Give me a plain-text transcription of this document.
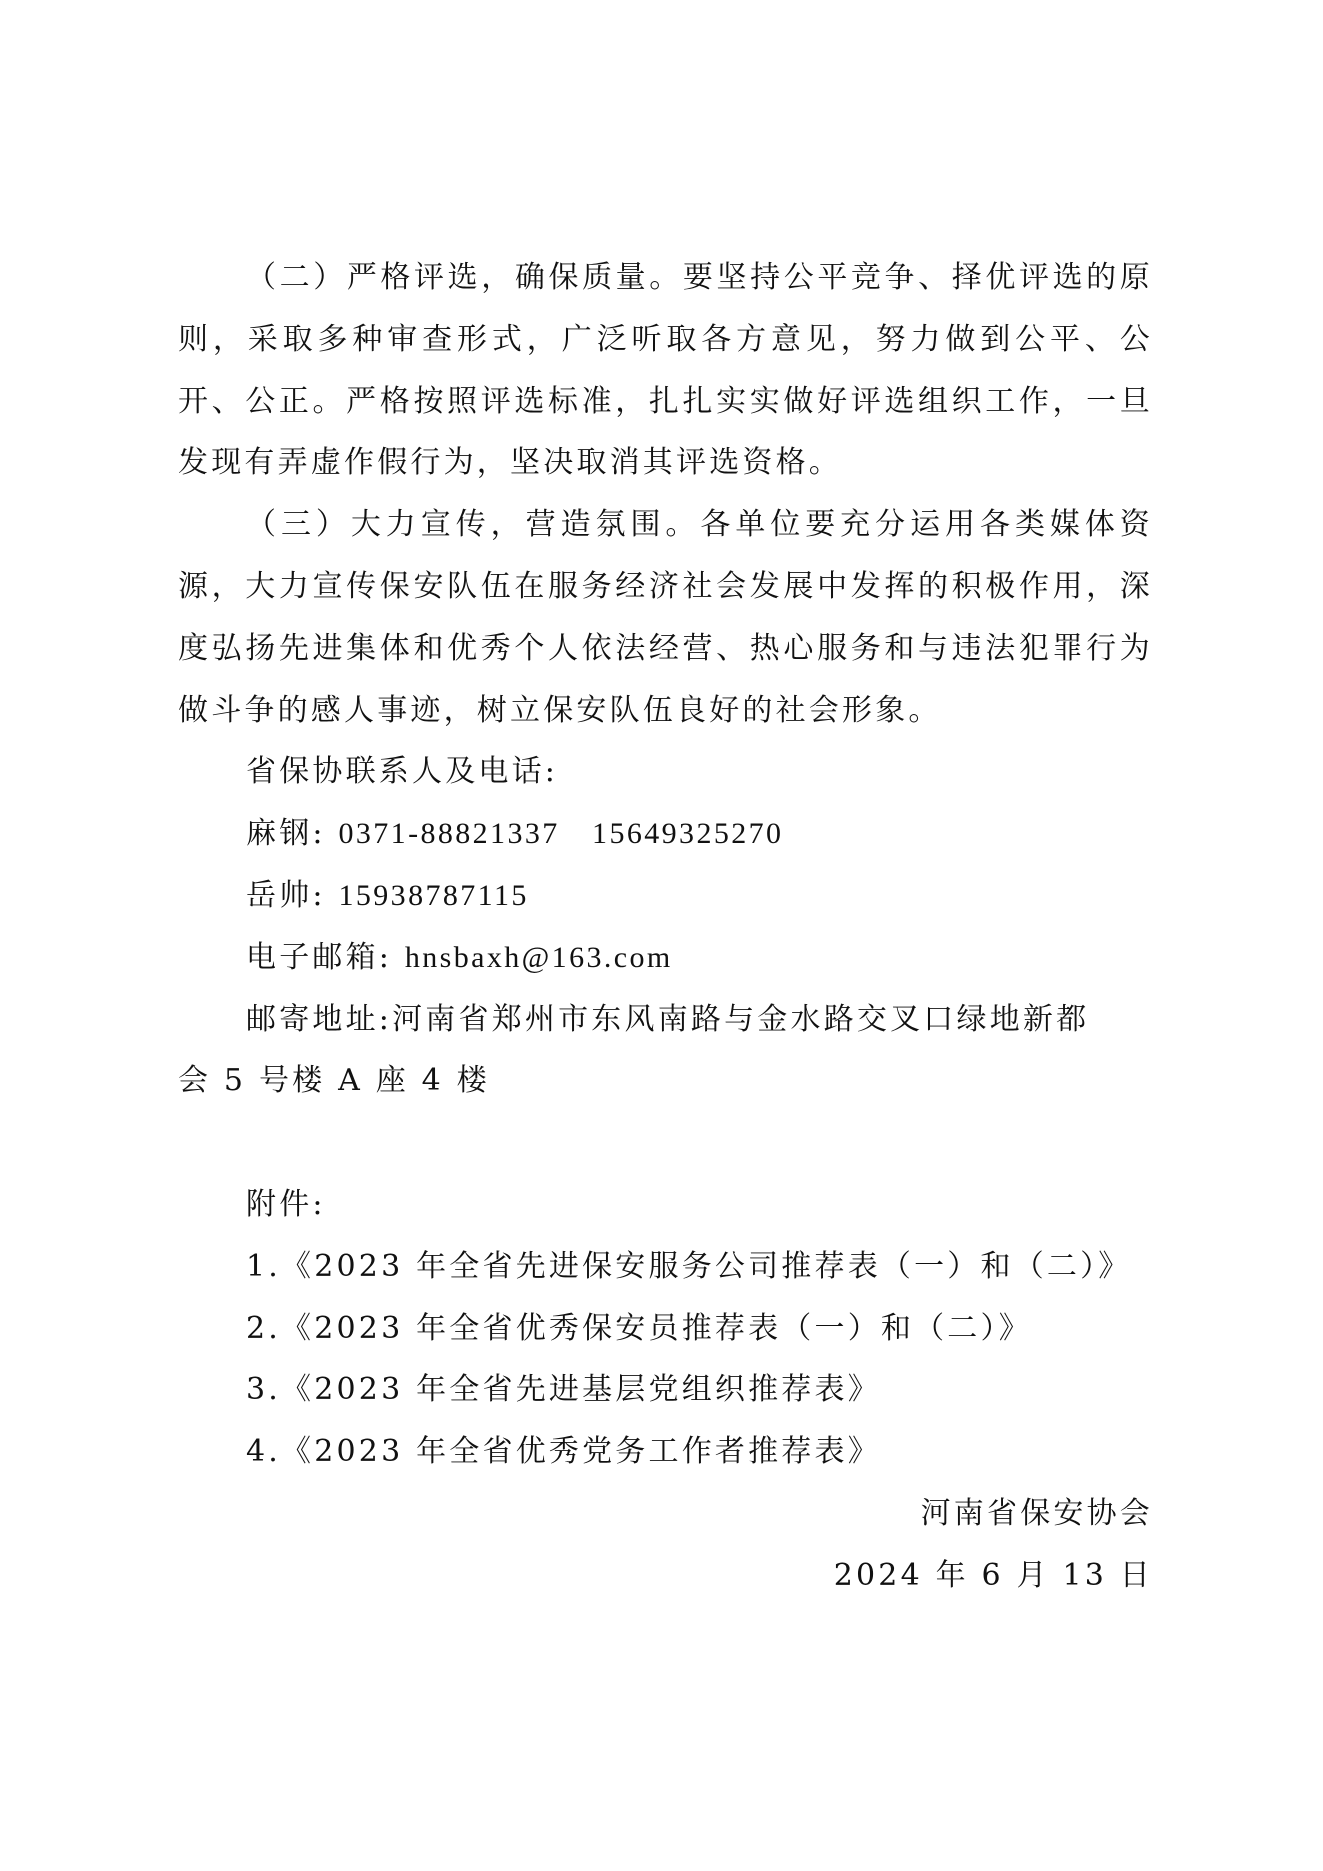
（二）严格评选，确保质量。要坚持公平竞争、择优评选的原则，采取多种审查形式，广泛听取各方意见，努力做到公平、公开、公正。严格按照评选标准，扎扎实实做好评选组织工作，一旦发现有弄虚作假行为，坚决取消其评选资格。

（三）大力宣传，营造氛围。各单位要充分运用各类媒体资源，大力宣传保安队伍在服务经济社会发展中发挥的积极作用，深度弘扬先进集体和优秀个人依法经营、热心服务和与违法犯罪行为做斗争的感人事迹，树立保安队伍良好的社会形象。

省保协联系人及电话:

麻钢: 0371-88821337　15649325270

岳帅: 15938787115

电子邮箱: hnsbaxh@163.com

邮寄地址:河南省郑州市东风南路与金水路交叉口绿地新都

会 5 号楼 A 座 4 楼

附件:

1.《2023 年全省先进保安服务公司推荐表（一）和（二）》

2.《2023 年全省优秀保安员推荐表（一）和（二）》

3.《2023 年全省先进基层党组织推荐表》

4.《2023 年全省优秀党务工作者推荐表》

河南省保安协会

2024 年 6 月 13 日
